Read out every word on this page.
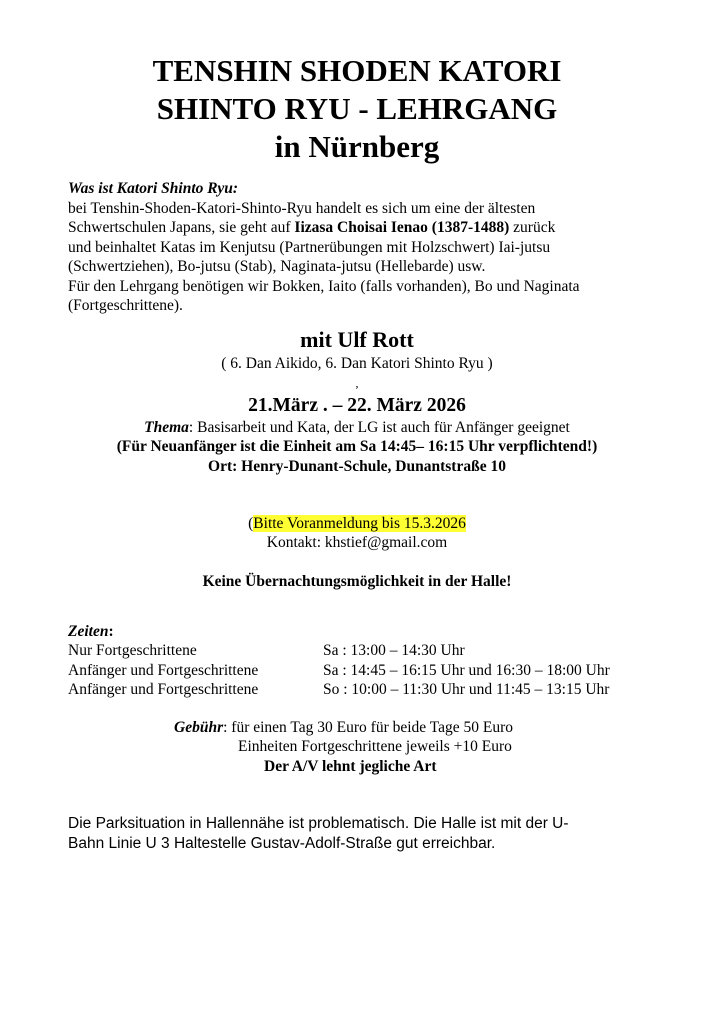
TENSHIN SHODEN KATORI
SHINTO RYU - LEHRGANG
in Nürnberg
Was ist Katori Shinto Ryu:
bei Tenshin-Shoden-Katori-Shinto-Ryu handelt es sich um eine der ältesten
Schwertschulen Japans, sie geht auf Iizasa Choisai Ienao (1387-1488) zurück
und beinhaltet Katas im Kenjutsu (Partnerübungen mit Holzschwert) Iai-jutsu
(Schwertziehen), Bo-jutsu (Stab), Naginata-jutsu (Hellebarde) usw.
Für den Lehrgang benötigen wir Bokken, Iaito (falls vorhanden), Bo und Naginata
(Fortgeschrittene).
mit Ulf Rott
( 6. Dan Aikido, 6. Dan Katori Shinto Ryu )
,
21.März . – 22. März 2026
Thema: Basisarbeit und Kata, der LG ist auch für Anfänger geeignet
(Für Neuanfänger ist die Einheit am Sa 14:45– 16:15 Uhr verpflichtend!)
Ort: Henry-Dunant-Schule, Dunantstraße 10
(Bitte Voranmeldung bis 15.3.2026
Kontakt: khstief@gmail.com
Keine Übernachtungsmöglichkeit in der Halle!
Zeiten:
Nur Fortgeschrittene	Sa : 13:00 – 14:30 Uhr
Anfänger und Fortgeschrittene	Sa : 14:45 – 16:15 Uhr und 16:30 – 18:00 Uhr
Anfänger und Fortgeschrittene	So : 10:00 – 11:30 Uhr und 11:45 – 13:15 Uhr
Gebühr: für einen Tag 30 Euro für beide Tage 50 Euro
Einheiten Fortgeschrittene jeweils +10 Euro
Der A/V lehnt jegliche Art
Die Parksituation in Hallennähe ist problematisch. Die Halle ist mit der U-
Bahn Linie U 3 Haltestelle Gustav-Adolf-Straße gut erreichbar.
